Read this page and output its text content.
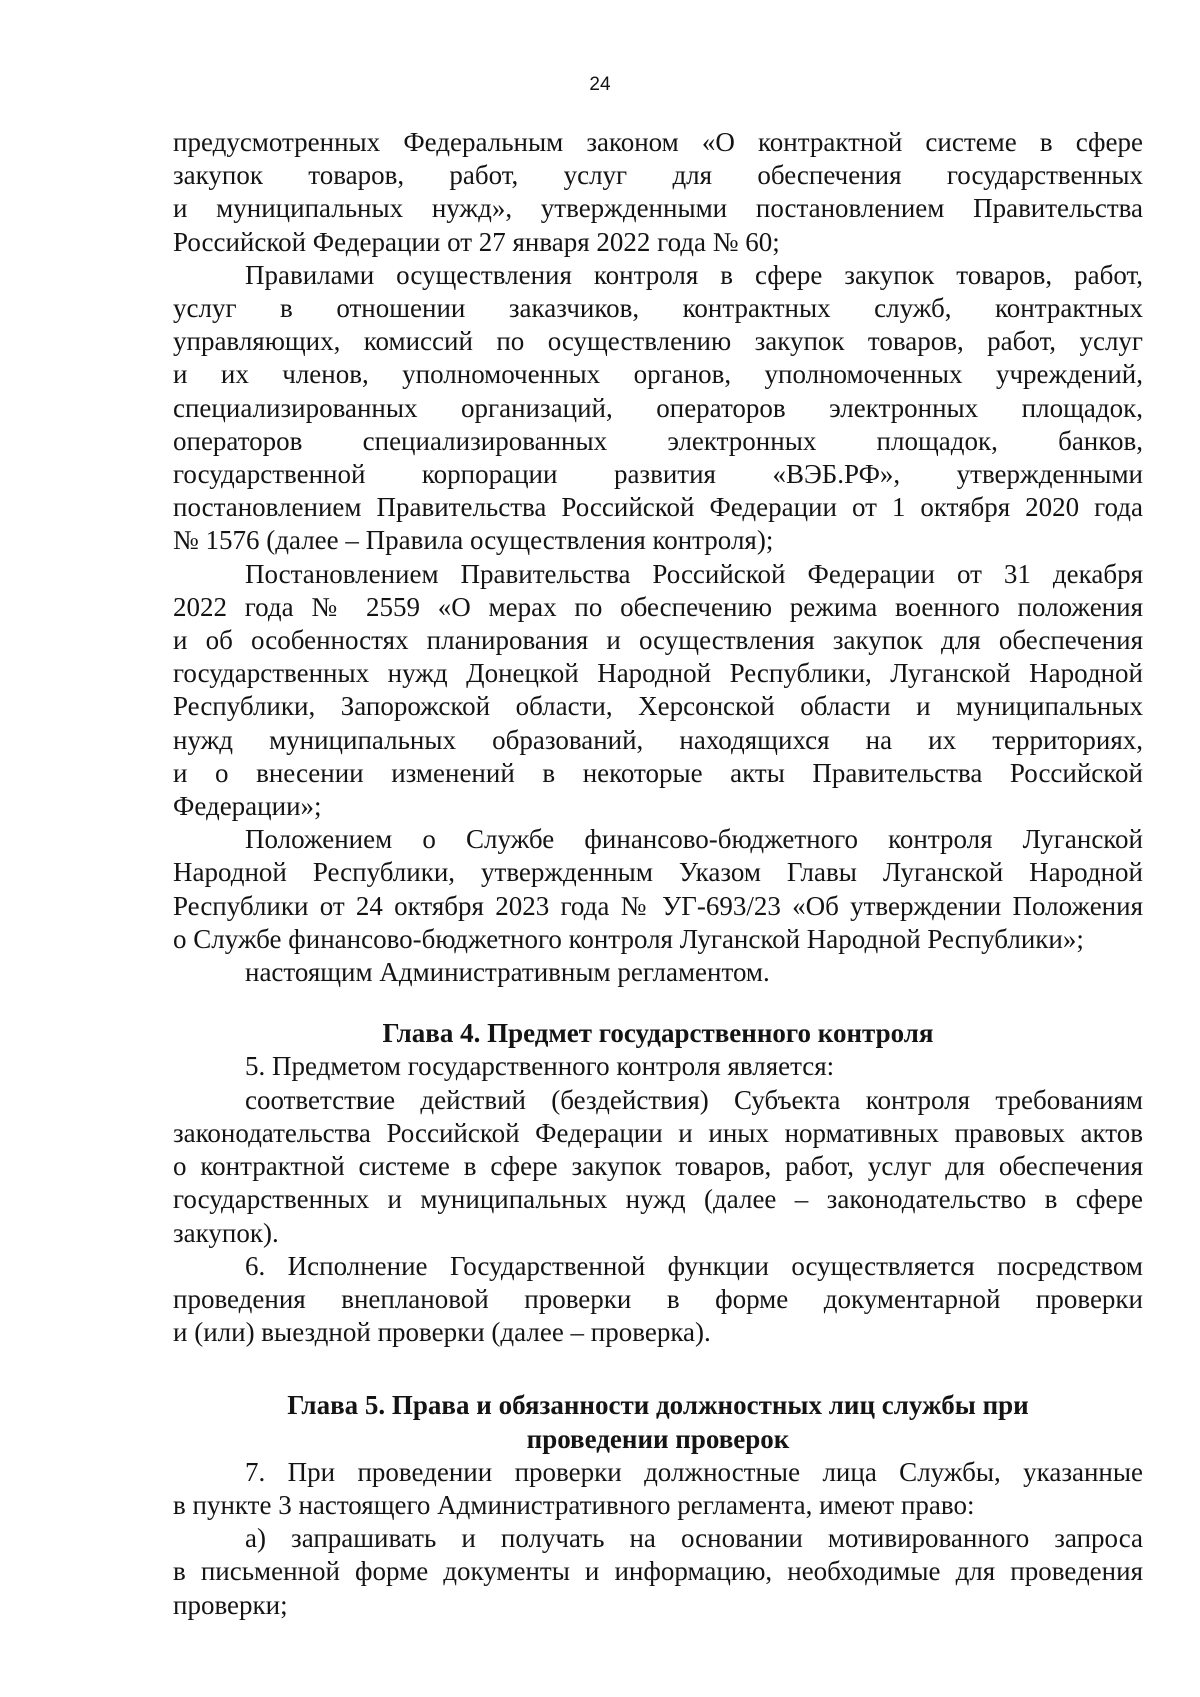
24
предусмотренных Федеральным законом «О контрактной системе в сфере
закупок товаров, работ, услуг для обеспечения государственных
и муниципальных нужд», утвержденными постановлением Правительства
Российской Федерации от 27 января 2022 года № 60;
Правилами осуществления контроля в сфере закупок товаров, работ,
услуг в отношении заказчиков, контрактных служб, контрактных
управляющих, комиссий по осуществлению закупок товаров, работ, услуг
и их членов, уполномоченных органов, уполномоченных учреждений,
специализированных организаций, операторов электронных площадок,
операторов специализированных электронных площадок, банков,
государственной корпорации развития «ВЭБ.РФ», утвержденными
постановлением Правительства Российской Федерации от 1 октября 2020 года
№ 1576 (далее – Правила осуществления контроля);
Постановлением Правительства Российской Федерации от 31 декабря
2022 года № 2559 «О мерах по обеспечению режима военного положения
и об особенностях планирования и осуществления закупок для обеспечения
государственных нужд Донецкой Народной Республики, Луганской Народной
Республики, Запорожской области, Херсонской области и муниципальных
нужд муниципальных образований, находящихся на их территориях,
и о внесении изменений в некоторые акты Правительства Российской
Федерации»;
Положением о Службе финансово-бюджетного контроля Луганской
Народной Республики, утвержденным Указом Главы Луганской Народной
Республики от 24 октября 2023 года № УГ-693/23 «Об утверждении Положения
о Службе финансово-бюджетного контроля Луганской Народной Республики»;
настоящим Административным регламентом.
Глава 4. Предмет государственного контроля
5. Предметом государственного контроля является:
соответствие действий (бездействия) Субъекта контроля требованиям
законодательства Российской Федерации и иных нормативных правовых актов
о контрактной системе в сфере закупок товаров, работ, услуг для обеспечения
государственных и муниципальных нужд (далее – законодательство в сфере
закупок).
6. Исполнение Государственной функции осуществляется посредством
проведения внеплановой проверки в форме документарной проверки
и (или) выездной проверки (далее – проверка).
Глава 5. Права и обязанности должностных лиц службы при
проведении проверок
7. При проведении проверки должностные лица Службы, указанные
в пункте 3 настоящего Административного регламента, имеют право:
а) запрашивать и получать на основании мотивированного запроса
в письменной форме документы и информацию, необходимые для проведения
проверки;
